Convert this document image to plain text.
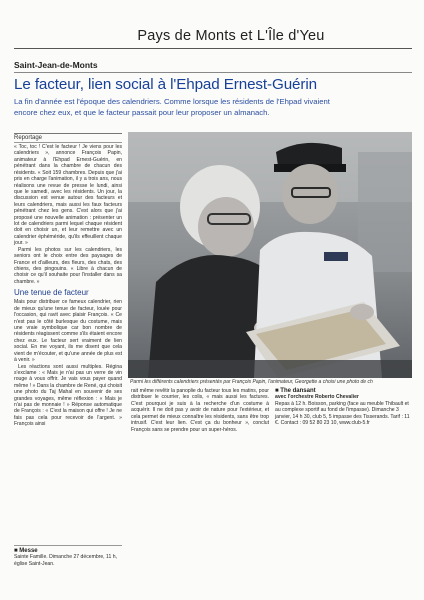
Pays de Monts et L'Île d'Yeu
Saint-Jean-de-Monts
Le facteur, lien social à l'Ehpad Ernest-Guérin
La fin d'année est l'époque des calendriers. Comme lorsque les résidents de l'Ehpad vivaient
encore chez eux, et que le facteur passait pour leur proposer un almanach.
Reportage

« Toc, toc ! C'est le facteur ! Je viens pour les calendriers », annonce François Papin, animateur à l'Ehpad Ernest-Guérin, en pénétrant dans la chambre de chacun des résidents. « Soit 159 chambres. Depuis que j'ai pris en charge l'animation, il y a trois ans, nous réalisons une revue de presse le lundi, ainsi que le samedi, avec les résidents. Un jour, la discussion est venue autour des facteurs et leurs calendriers, mais aussi les faux facteurs pénétrant chez les gens. C'est alors que j'ai proposé une nouvelle animation : présenter un lot de calendriers parmi lequel chaque résident doit en choisir un, et leur remettre avec un calendrier éphéméride, qu'ils effeuillent chaque jour. »

Parmi les photos sur les calendriers, les seniors ont le choix entre des paysages de France et d'ailleurs, des fleurs, des chats, des chiens, des pingouins. « Libre à chacun de choisir ce qu'il souhaite pour l'installer dans sa chambre. »

Une tenue de facteur

Mais pour distribuer ce fameux calendrier, rien de mieux qu'une tenue de facteur, louée pour l'occasion, qui ravit avec plaisir François. « Ce n'est pas le côté burlesque du costume, mais une vraie symbolique car bon nombre de résidents réagissent comme s'ils étaient encore chez eux. Le facteur sert vraiment de lien social. En me voyant, ils me disent que cela vient de m'écouter, et qu'une année de plus est à venir. »

Les réactions sont aussi multiples. Régina s'exclame : « Mais je n'ai pas un verre de vin rouge à vous offrir. Je vais vous payer quand même ! » Dans la chambre de René, qui choisit une photo du Taj Mahal en souvenir de ses grandes voyages, même réflexion : « Mais je n'ai pas de monnaie ! » Réponse automatique de François : « C'est la maison qui offre ! Je ne fais pas cela pour recevoir de l'argent. » François ainsi

■ Messe

Sainte Famille. Dimanche 27 décembre, 11 h, église Saint-Jean.

Parmi les différents calendriers présentés par François Papin, l'animateur, Georgette a choisi une photo de ch

rait même revêtir la panoplie du facteur tous les matins, pour distribuer le courrier, les colis, « mais aussi les factures. C'est pourquoi je suis à la recherche d'un costume à acquérir. Il ne doit pas y avoir de nature pour l'extérieur, et cela permet de mieux connaître les résidents, sans être trop intrusif. C'est leur lien. C'est ça du bonheur », conclut François sans se prendre pour un super-héros.

■ The dansant
avec l'orchestre Roberto Chevalier

Repas à 12 h. Boisson, parking (face au meuble Thibault et au complexe sportif au fond de l'impasse). Dimanche 3 janvier, 14 h 30, club 5, 5 impasse des Tisserands. Tarif : 11 €. Contact : 09 52 80 23 10, www.club-5.fr
